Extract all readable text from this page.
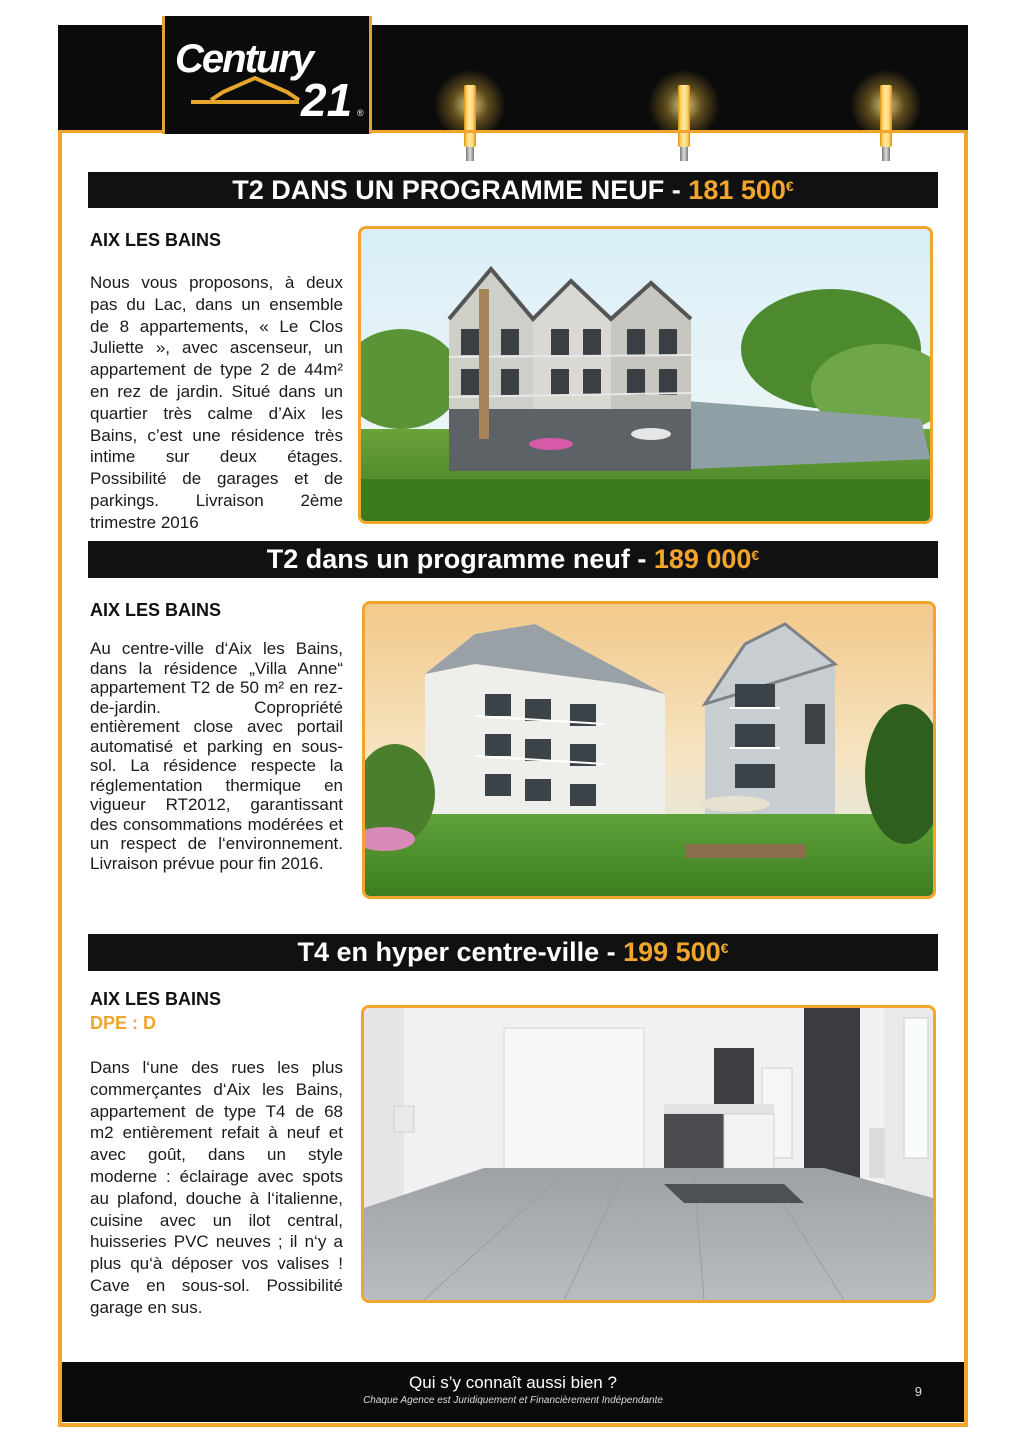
Century
21 ®
T2 DANS UN PROGRAMME NEUF - 181 500€
AIX LES BAINS
Nous vous proposons, à deux pas du Lac, dans un ensemble de 8 appartements, « Le Clos Juliette », avec ascenseur, un appartement de type 2 de 44m² en rez de jardin. Situé dans un quartier très calme d’Aix les Bains, c’est une résidence très intime sur deux étages. Possibilité de garages et de parkings. Livraison 2ème trimestre 2016
T2 dans un programme neuf - 189 000€
AIX LES BAINS
Au centre-ville d‘Aix les Bains, dans la résidence „Villa Anne“ appartement T2 de 50 m² en rez-de-jardin. Copropriété entièrement close avec portail automatisé et parking en sous-sol. La résidence respecte la réglementation thermique en vigueur RT2012, garantissant des consommations modérées et un respect de l‘environnement. Livraison prévue pour fin 2016.
T4 en hyper centre-ville - 199 500€
AIX LES BAINS
DPE : D
Dans l‘une des rues les plus commerçantes d‘Aix les Bains, appartement de type T4 de 68 m2 entièrement refait à neuf et avec goût, dans un style moderne : éclairage avec spots au plafond, douche à l‘italienne, cuisine avec un ilot central, huisseries PVC neuves ; il n‘y a plus qu‘à déposer vos valises ! Cave en sous-sol. Possibilité garage en sus.
Qui s’y connaît aussi bien ?
Chaque Agence est Juridiquement et Financièrement Indépendante
9
